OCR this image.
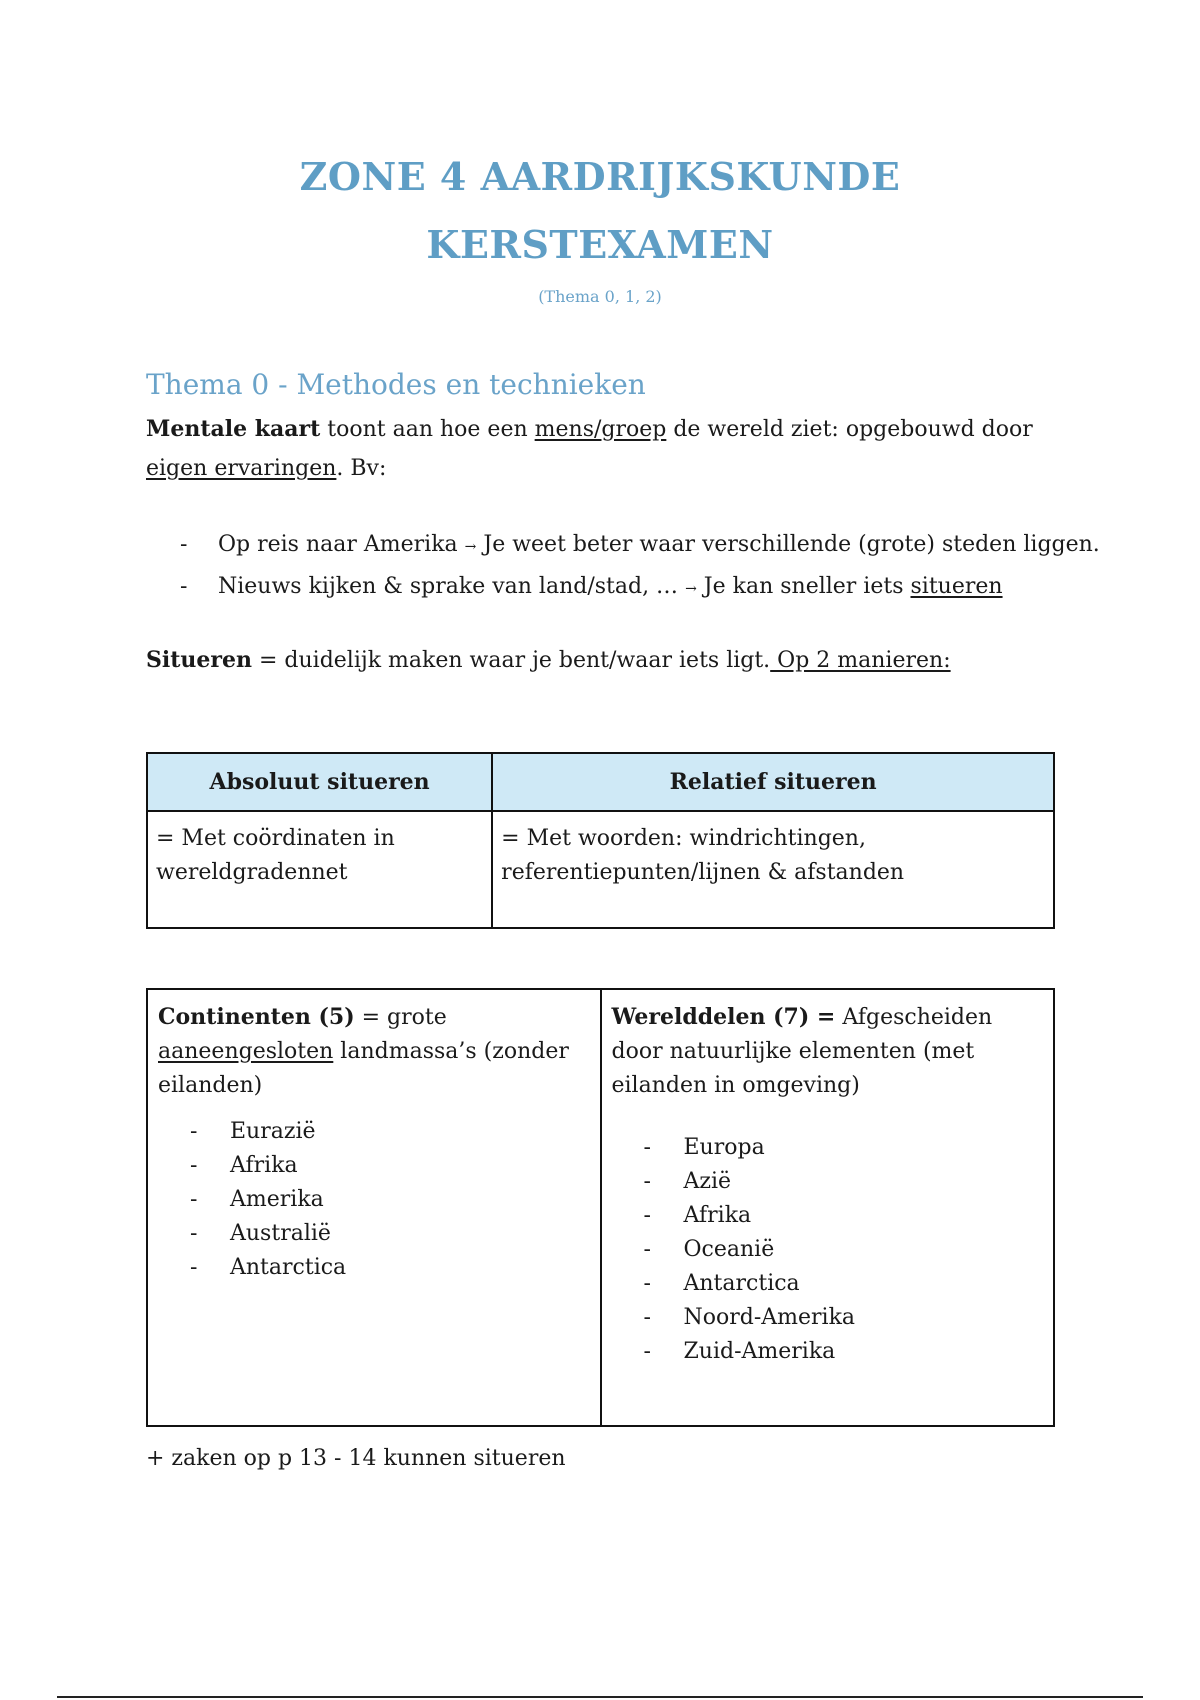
ZONE 4 AARDRIJKSKUNDE
KERSTEXAMEN
(Thema 0, 1, 2)
Thema 0 - Methodes en technieken
Mentale kaart toont aan hoe een mens/groep de wereld ziet: opgebouwd door eigen ervaringen. Bv:
- Op reis naar Amerika → Je weet beter waar verschillende (grote) steden liggen.
- Nieuws kijken & sprake van land/stad, … → Je kan sneller iets situeren
Situeren = duidelijk maken waar je bent/waar iets ligt. Op 2 manieren:
Absoluut situeren	Relatief situeren
= Met coördinaten in wereldgradennet	= Met woorden: windrichtingen, referentiepunten/lijnen & afstanden
Continenten (5) = grote aaneengesloten landmassa’s (zonder eilanden)
- Eurazië
- Afrika
- Amerika
- Australië
- Antarctica

Werelddelen (7) = Afgescheiden door natuurlijke elementen (met eilanden in omgeving)
- Europa
- Azië
- Afrika
- Oceanië
- Antarctica
- Noord-Amerika
- Zuid-Amerika
+ zaken op p 13 - 14 kunnen situeren
